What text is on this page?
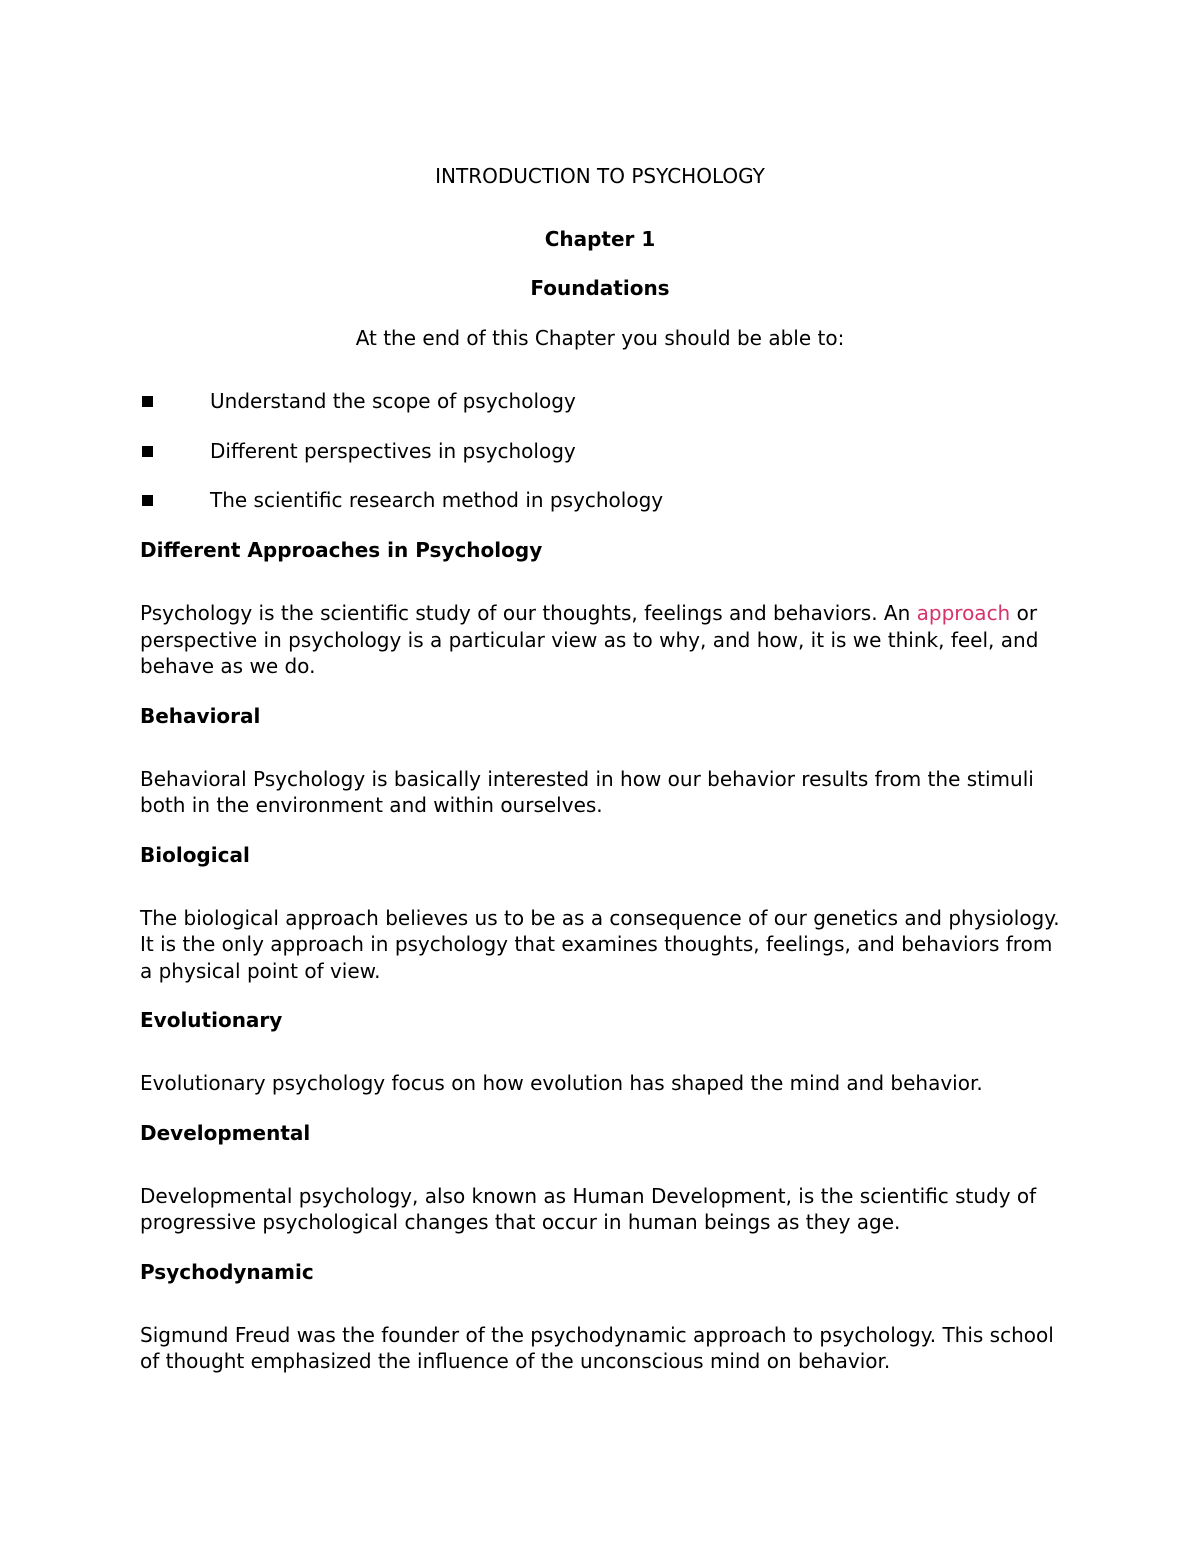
INTRODUCTION TO PSYCHOLOGY
Chapter 1
Foundations
At the end of this Chapter you should be able to:
Understand the scope of psychology
Different perspectives in psychology
The scientific research method in psychology
Different Approaches in Psychology

Psychology is the scientific study of our thoughts, feelings and behaviors. An approach or perspective in psychology is a particular view as to why, and how, it is we think, feel, and behave as we do.

Behavioral

Behavioral Psychology is basically interested in how our behavior results from the stimuli both in the environment and within ourselves.

Biological

The biological approach believes us to be as a consequence of our genetics and physiology. It is the only approach in psychology that examines thoughts, feelings, and behaviors from a physical point of view.

Evolutionary

Evolutionary psychology focus on how evolution has shaped the mind and behavior.

Developmental

Developmental psychology, also known as Human Development, is the scientific study of progressive psychological changes that occur in human beings as they age.

Psychodynamic

Sigmund Freud was the founder of the psychodynamic approach to psychology. This school of thought emphasized the influence of the unconscious mind on behavior.
